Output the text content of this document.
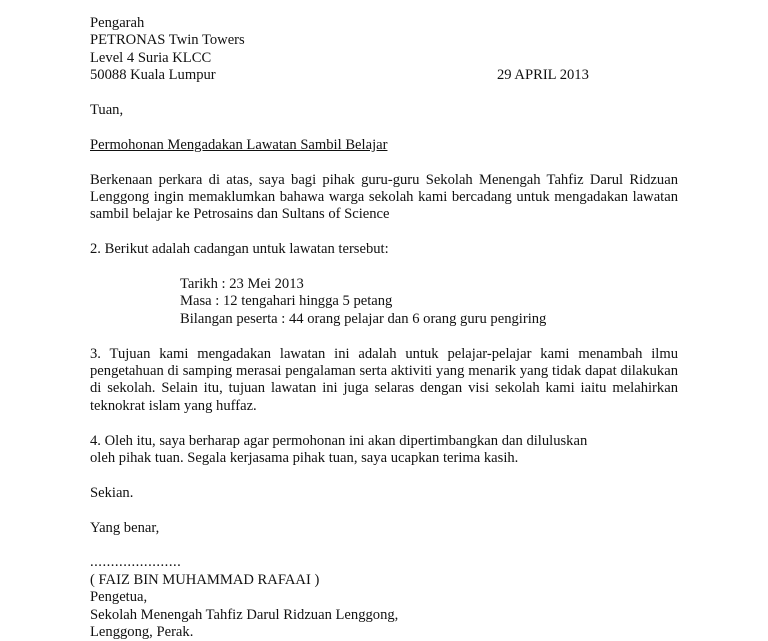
Pengarah
PETRONAS Twin Towers
Level 4 Suria KLCC
50088 Kuala Lumpur	29 APRIL 2013
Tuan,
Permohonan Mengadakan Lawatan Sambil Belajar
Berkenaan perkara di atas, saya bagi pihak guru-guru Sekolah Menengah Tahfiz Darul Ridzuan Lenggong ingin memaklumkan bahawa warga sekolah kami bercadang untuk mengadakan lawatan sambil belajar ke Petrosains dan Sultans of Science
2. Berikut adalah cadangan untuk lawatan tersebut:
Tarikh : 23 Mei 2013
Masa : 12 tengahari hingga 5 petang
Bilangan peserta : 44 orang pelajar dan 6 orang guru pengiring
3. Tujuan kami mengadakan lawatan ini adalah untuk pelajar-pelajar kami menambah ilmu pengetahuan di samping merasai pengalaman serta aktiviti yang menarik yang tidak dapat dilakukan di sekolah. Selain itu, tujuan lawatan ini juga selaras dengan visi sekolah kami iaitu melahirkan teknokrat islam yang huffaz.
4. Oleh itu, saya berharap agar permohonan ini akan dipertimbangkan dan diluluskan
oleh pihak tuan. Segala kerjasama pihak tuan, saya ucapkan terima kasih.
Sekian.
Yang benar,
......................
( FAIZ BIN MUHAMMAD RAFAAI )
Pengetua,
Sekolah Menengah Tahfiz Darul Ridzuan Lenggong,
Lenggong, Perak.
